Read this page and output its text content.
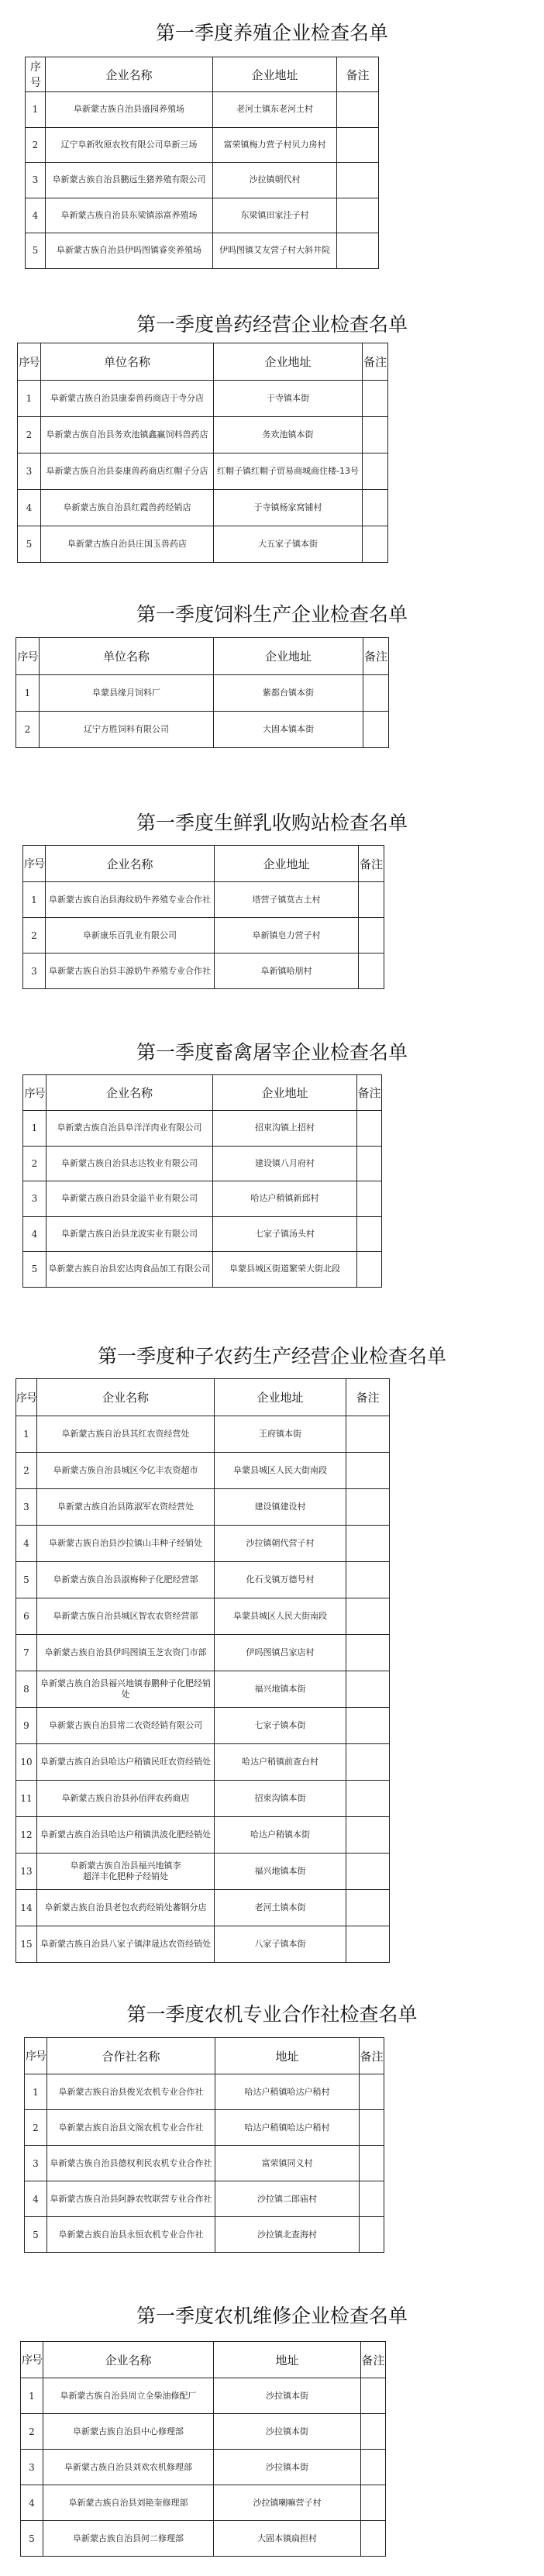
第一季度养殖企业检查名单
序号	企业名称	企业地址	备注
1	阜新蒙古族自治县盛园养殖场	老河土镇东老河土村	
2	辽宁阜新牧原农牧有限公司阜新三场	富荣镇梅力营子村贝力房村	
3	阜新蒙古族自治县鹏远生猪养殖有限公司	沙拉镇朝代村	
4	阜新蒙古族自治县东梁镇添富养殖场	东梁镇田家洼子村	
5	阜新蒙古族自治县伊吗图镇睿奕养殖场	伊吗图镇艾友营子村大斜井院	
第一季度兽药经营企业检查名单
序号	单位名称	企业地址	备注
1	阜新蒙古族自治县康泰兽药商店于寺分店	于寺镇本街	
2	阜新蒙古族自治县务欢池镇鑫赢饲料兽药店	务欢池镇本街	
3	阜新蒙古族自治县泰康兽药商店红帽子分店	红帽子镇红帽子贸易商城商住楼-13号	
4	阜新蒙古族自治县红霞兽药经销店	于寺镇杨家窝铺村	
5	阜新蒙古族自治县庄国玉兽药店	大五家子镇本街	
第一季度饲料生产企业检查名单
序号	单位名称	企业地址	备注
1	阜蒙县缘月饲料厂	紫都台镇本街	
2	辽宁方胜饲料有限公司	大固本镇本街	
第一季度生鲜乳收购站检查名单
序号	企业名称	企业地址	备注
1	阜新蒙古族自治县海纹奶牛养殖专业合作社	塔营子镇莫古土村	
2	阜新康乐百乳业有限公司	阜新镇皂力营子村	
3	阜新蒙古族自治县丰源奶牛养殖专业合作社	阜新镇哈朋村	
第一季度畜禽屠宰企业检查名单
序号	企业名称	企业地址	备注
1	阜新蒙古族自治县阜洋洋肉业有限公司	招束沟镇上招村	
2	阜新蒙古族自治县志达牧业有限公司	建设镇八月府村	
3	阜新蒙古族自治县金溢羊业有限公司	哈达户稍镇新邱村	
4	阜新蒙古族自治县龙波实业有限公司	七家子镇汤头村	
5	阜新蒙古族自治县宏达肉食品加工有限公司	阜蒙县城区街道繁荣大街北段	
第一季度种子农药生产经营企业检查名单
序号	企业名称	企业地址	备注
1	阜新蒙古族自治县其红农资经营处	王府镇本街	
2	阜新蒙古族自治县城区今亿丰农资超市	阜蒙县城区人民大街南段	
3	阜新蒙古族自治县陈淑军农资经营处	建设镇建设村	
4	阜新蒙古族自治县沙拉镇山丰种子经销处	沙拉镇朝代营子村	
5	阜新蒙古族自治县淑梅种子化肥经营部	化石戈镇万德号村	
6	阜新蒙古族自治县城区智农农资经营部	阜蒙县城区人民大街南段	
7	阜新蒙古族自治县伊吗图镇玉芝农资门市部	伊吗图镇吕家店村	
8	阜新蒙古族自治县福兴地镇春鹏种子化肥经销处	福兴地镇本街	
9	阜新蒙古族自治县常二农资经销有限公司	七家子镇本街	
10	阜新蒙古族自治县哈达户稍镇民旺农资经销处	哈达户稍镇前查台村	
11	阜新蒙古族自治县孙佰萍农药商店	招束沟镇本街	
12	阜新蒙古族自治县哈达户稍镇洪波化肥经销处	哈达户稍镇本街	
13	阜新蒙古族自治县福兴地镇李超洋丰化肥种子经销处	福兴地镇本街	
14	阜新蒙古族自治县老包农药经销处蕃钢分店	老河土镇本街	
15	阜新蒙古族自治县八家子镇津晟达农资经销处	八家子镇本街	
第一季度农机专业合作社检查名单
序号	合作社名称	地址	备注
1	阜新蒙古族自治县俊光农机专业合作社	哈达户稍镇哈达户稍村	
2	阜新蒙古族自治县文阁农机专业合作社	哈达户稍镇哈达户稍村	
3	阜新蒙古族自治县德权利民农机专业合作社	富荣镇同义村	
4	阜新蒙古族自治县阿静农牧联营专业合作社	沙拉镇二郎庙村	
5	阜新蒙古族自治县永恒农机专业合作社	沙拉镇北查海村	
第一季度农机维修企业检查名单
序号	企业名称	地址	备注
1	阜新蒙古族自治县周立全柴油修配厂	沙拉镇本街	
2	阜新蒙古族自治县中心修理部	沙拉镇本街	
3	阜新蒙古族自治县刘欢农机修理部	沙拉镇本街	
4	阜新蒙古族自治县刘艳奎修理部	沙拉镇喇嘛营子村	
5	阜新蒙古族自治县何二修理部	大固本镇扁担村	
